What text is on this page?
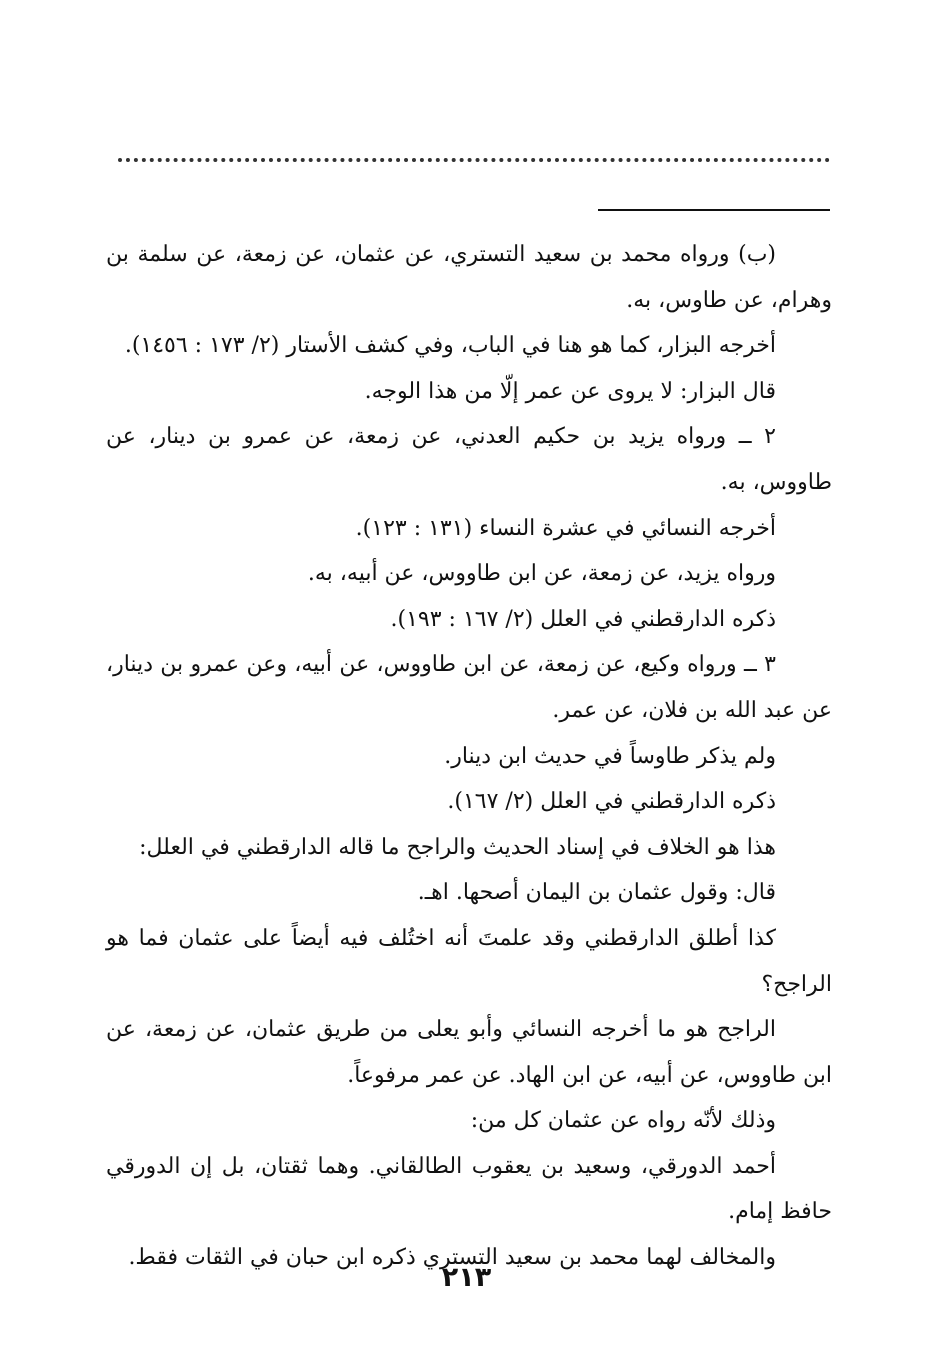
(ب) ورواه محمد بن سعيد التستري، عن عثمان، عن زمعة، عن سلمة بن وهرام، عن طاوس، به.

أخرجه البزار، كما هو هنا في الباب، وفي كشف الأستار (٢/ ١٧٣ : ١٤٥٦).

قال البزار: لا يروى عن عمر إلّا من هذا الوجه.

٢ ــ ورواه يزيد بن حكيم العدني، عن زمعة، عن عمرو بن دينار، عن طاووس، به.

أخرجه النسائي في عشرة النساء (١٣١ : ١٢٣).

ورواه يزيد، عن زمعة، عن ابن طاووس، عن أبيه، به.

ذكره الدارقطني في العلل (٢/ ١٦٧ : ١٩٣).

٣ ــ ورواه وكيع، عن زمعة، عن ابن طاووس، عن أبيه، وعن عمرو بن دينار، عن عبد الله بن فلان، عن عمر.

ولم يذكر طاوساً في حديث ابن دينار.

ذكره الدارقطني في العلل (٢/ ١٦٧).

هذا هو الخلاف في إسناد الحديث والراجح ما قاله الدارقطني في العلل:

قال: وقول عثمان بن اليمان أصحها. اهـ.

كذا أطلق الدارقطني وقد علمتَ أنه اختُلف فيه أيضاً على عثمان فما هو الراجح؟

الراجح هو ما أخرجه النسائي وأبو يعلى من طريق عثمان، عن زمعة، عن ابن طاووس، عن أبيه، عن ابن الهاد. عن عمر مرفوعاً.

وذلك لأنّه رواه عن عثمان كل من:

أحمد الدورقي، وسعيد بن يعقوب الطالقاني. وهما ثقتان، بل إن الدورقي حافظ إمام.

والمخالف لهما محمد بن سعيد التستري ذكره ابن حبان في الثقات فقط.

٢١٣
